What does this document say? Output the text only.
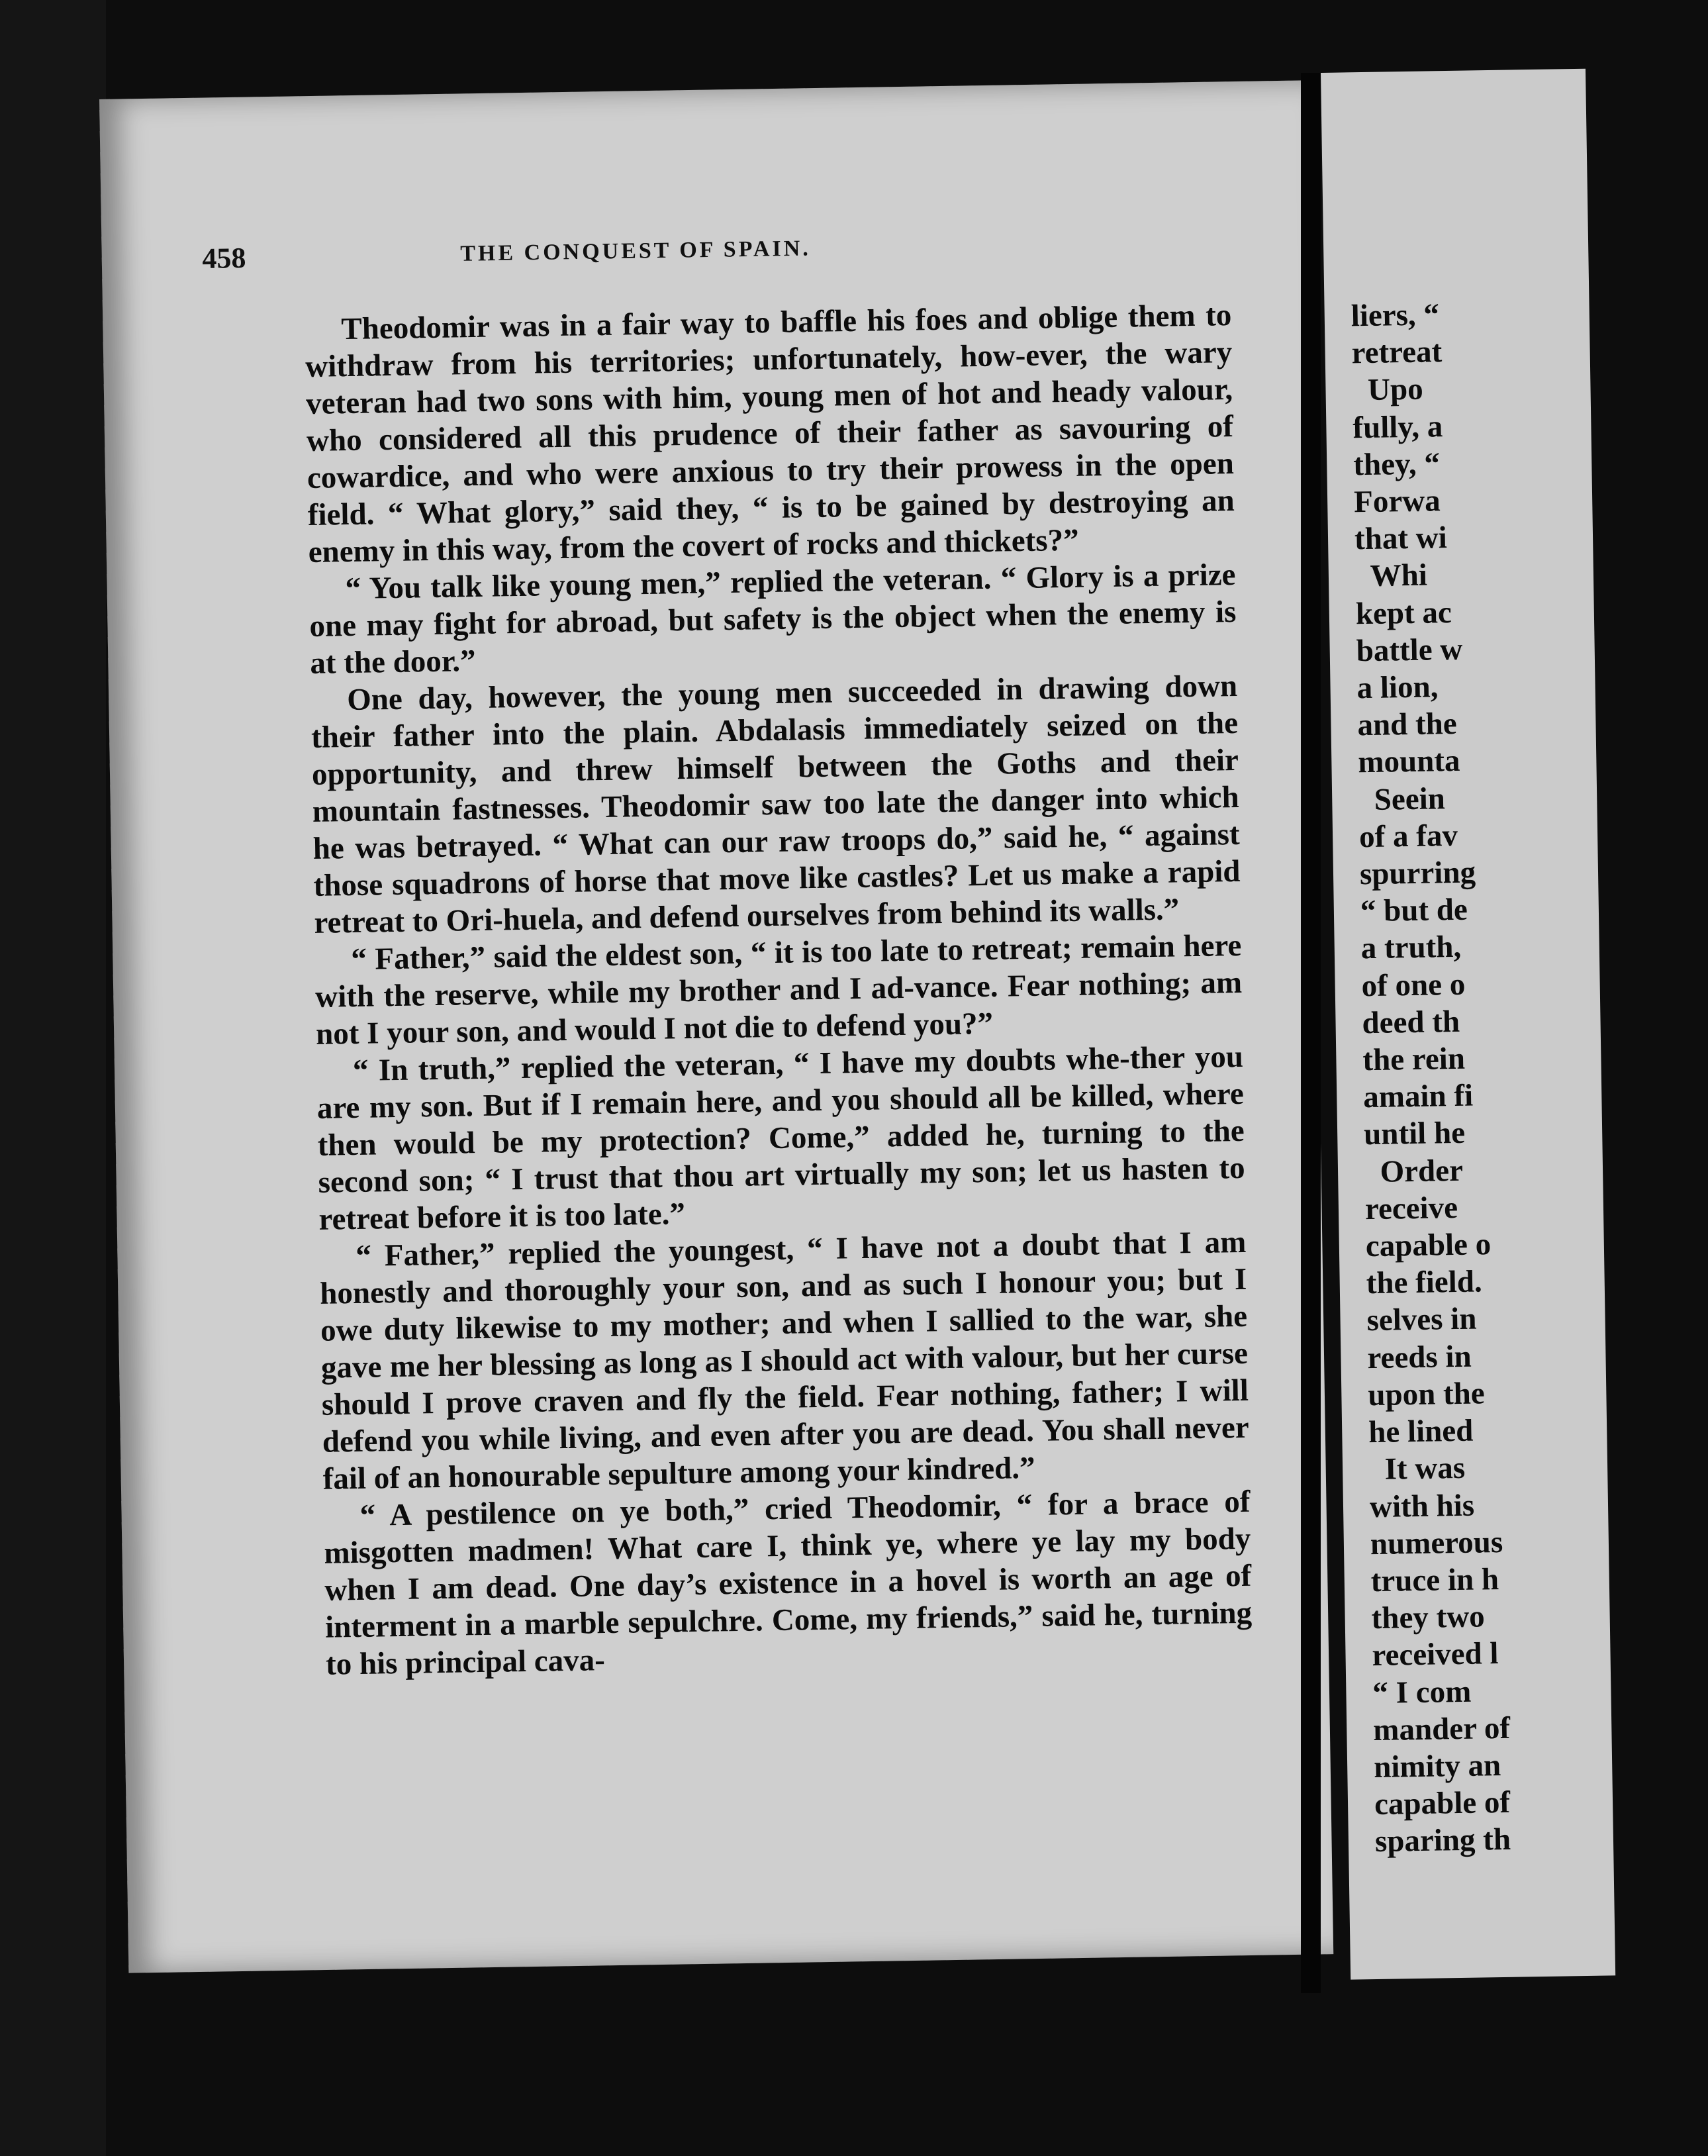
liers, “
retreat
Upo
fully, a
they, “
Forwa
that wi
Whi
kept ac
battle w
a lion,
and the
mounta
Seein
of a fav
spurring
“ but de
a truth,
of one o
deed th
the rein
amain fi
until he
Order
receive
capable o
the field.
selves in
reeds in
upon the
he lined
It was
with his
numerous
truce in h
they two
received l
“ I com
mander of
nimity an
capable of
sparing th
458	THE CONQUEST OF SPAIN.

Theodomir was in a fair way to baffle his foes and oblige them to withdraw from his territories; unfortunately, how-ever, the wary veteran had two sons with him, young men of hot and heady valour, who considered all this prudence of their father as savouring of cowardice, and who were anxious to try their prowess in the open field. “ What glory,” said they, “ is to be gained by destroying an enemy in this way, from the covert of rocks and thickets?”

“ You talk like young men,” replied the veteran. “ Glory is a prize one may fight for abroad, but safety is the object when the enemy is at the door.”

One day, however, the young men succeeded in drawing down their father into the plain. Abdalasis immediately seized on the opportunity, and threw himself between the Goths and their mountain fastnesses. Theodomir saw too late the danger into which he was betrayed. “ What can our raw troops do,” said he, “ against those squadrons of horse that move like castles? Let us make a rapid retreat to Ori-huela, and defend ourselves from behind its walls.”

“ Father,” said the eldest son, “ it is too late to retreat; remain here with the reserve, while my brother and I ad-vance. Fear nothing; am not I your son, and would I not die to defend you?”

“ In truth,” replied the veteran, “ I have my doubts whe-ther you are my son. But if I remain here, and you should all be killed, where then would be my protection? Come,” added he, turning to the second son; “ I trust that thou art virtually my son; let us hasten to retreat before it is too late.”

“ Father,” replied the youngest, “ I have not a doubt that I am honestly and thoroughly your son, and as such I honour you; but I owe duty likewise to my mother; and when I sallied to the war, she gave me her blessing as long as I should act with valour, but her curse should I prove craven and fly the field. Fear nothing, father; I will defend you while living, and even after you are dead. You shall never fail of an honourable sepulture among your kindred.”

“ A pestilence on ye both,” cried Theodomir, “ for a brace of misgotten madmen! What care I, think ye, where ye lay my body when I am dead. One day’s existence in a hovel is worth an age of interment in a marble sepulchre. Come, my friends,” said he, turning to his principal cava-
